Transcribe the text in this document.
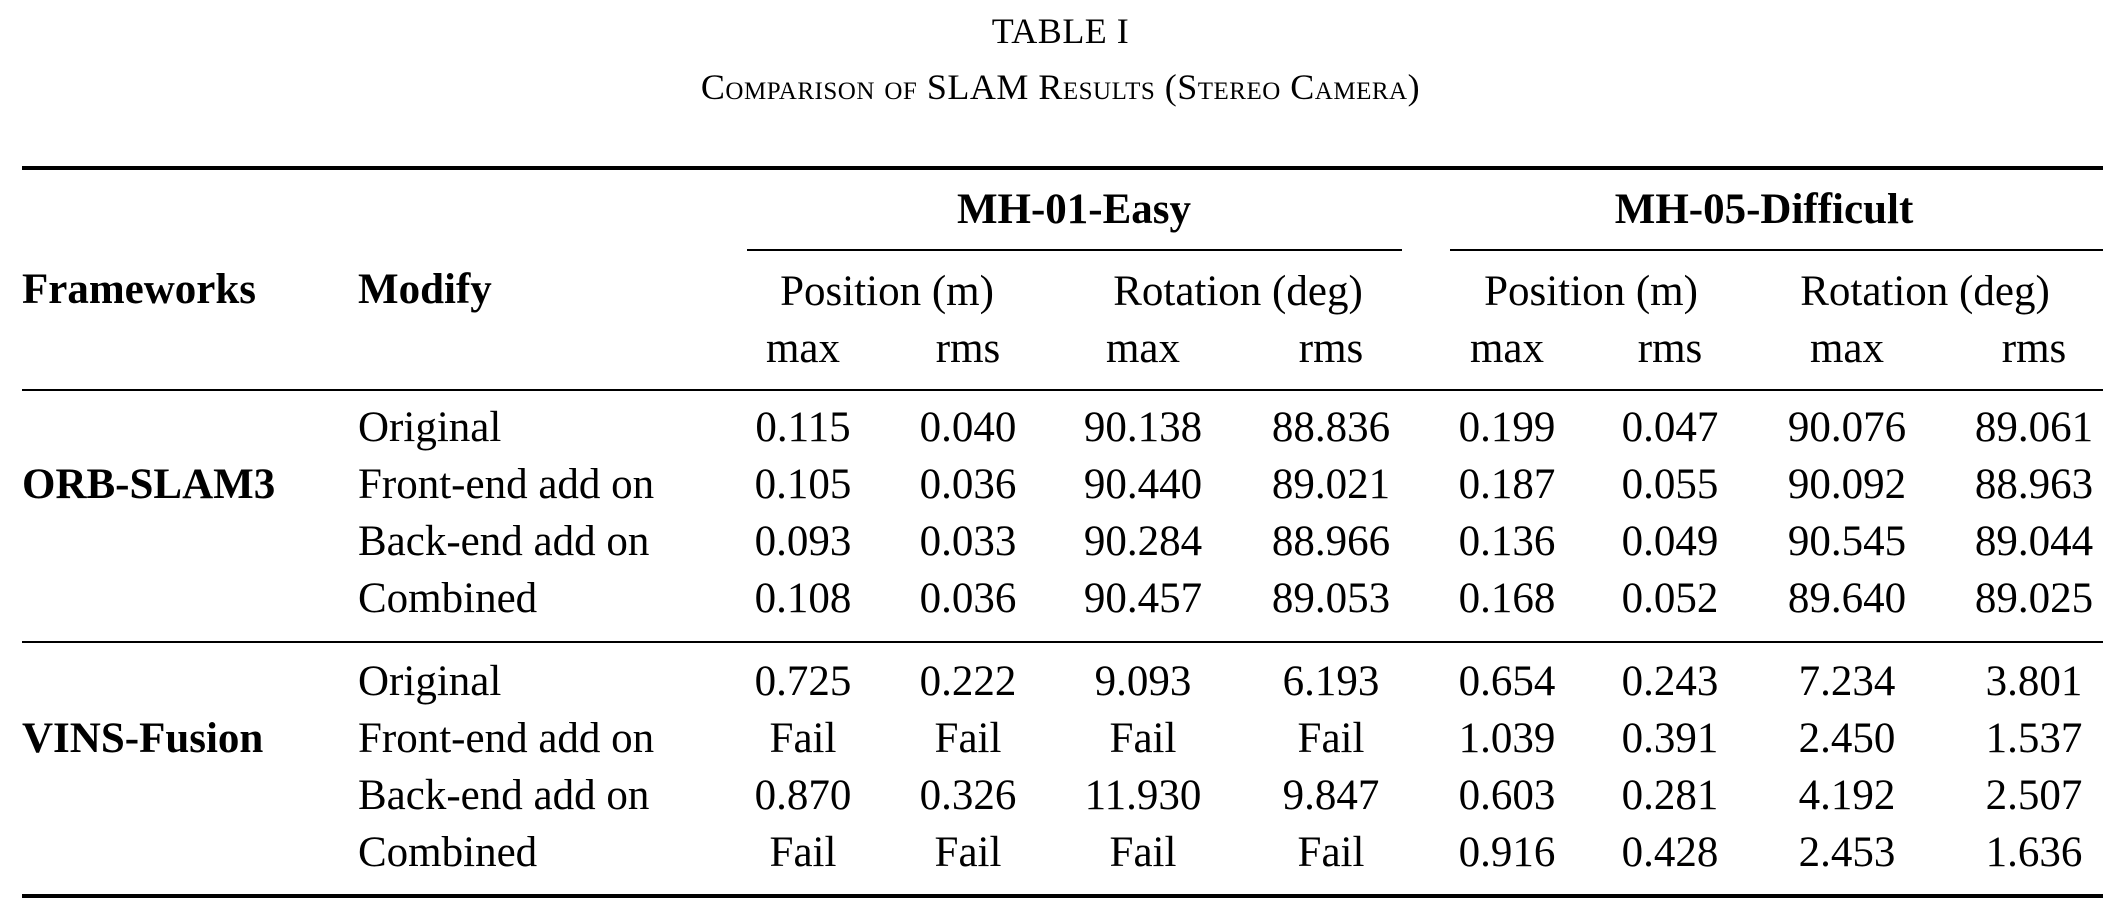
TABLE I
Comparison of SLAM Results (Stereo Camera)
Frameworks Modify
MH-01-Easy	MH-05-Difficult
Position (m)	Rotation (deg)	Position (m) Rotation (deg)
max rms max	rms max rms	max	rms
ORB-SLAM3
Original	0.115 0.040 90.138 88.836 0.199 0.047 90.076 89.061
Front-end add on 0.105 0.036 90.440 89.021 0.187 0.055 90.092 88.963
Back-end add on 0.093 0.033 90.284 88.966 0.136 0.049 90.545 89.044
Combined	0.108 0.036 90.457 89.053 0.168 0.052 89.640 89.025
VINS-Fusion
Original	0.725 0.222 9.093 6.193 0.654 0.243 7.234 3.801
Front-end add on	Fail Fail	Fail	Fail 1.039 0.391 2.450 1.537
Back-end add on 0.870 0.326 11.930 9.847 0.603 0.281 4.192 2.507
Combined	Fail Fail	Fail	Fail 0.916 0.428 2.453 1.636
